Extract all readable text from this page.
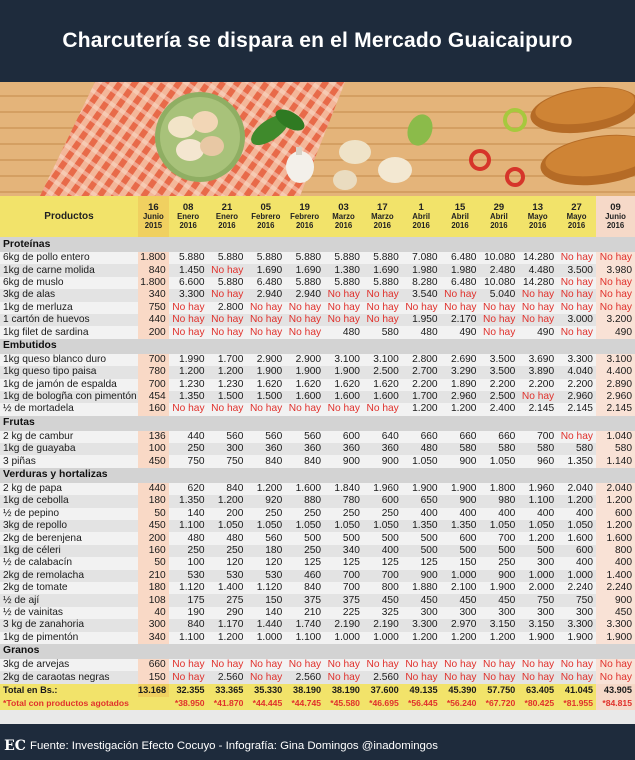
Charcutería se dispara en el Mercado Guaicaipuro
Productos	16
Junio
2015	08
Enero
2016	21
Enero
2016	05
Febrero
2016	19
Febrero
2016	03
Marzo
2016	17
Marzo
2016	1
Abril
2016	15
Abril
2016	29
Abril
2016	13
Mayo
2016	27
Mayo
2016	09
Junio
2016

Proteínas													
6kg de pollo entero	1.800	5.880	5.880	5.880	5.880	5.880	5.880	7.080	6.480	10.080	14.280	No hay	No hay
1kg de carne molida	840	1.450	No hay	1.690	1.690	1.380	1.690	1.980	1.980	2.480	4.480	3.500	3.980
6kg de muslo	1.800	6.600	5.880	6.480	5.880	5.880	5.880	8.280	6.480	10.080	14.280	No hay	No hay
3kg de alas	340	3.300	No hay	2.940	2.940	No hay	No hay	3.540	No hay	5.040	No hay	No hay	No hay
1kg de merluza	750	No hay	2.800	No hay	No hay	No hay	No hay	No hay	No hay	No hay	No hay	No hay	No hay
1 cartón de huevos	440	No hay	No hay	No hay	No hay	No hay	No hay	1.950	2.170	No hay	No hay	3.000	3.200
1kg filet de sardina	200	No hay	No hay	No hay	No hay	480	580	480	490	No hay	490	No hay	490
Embutidos													
1kg queso blanco duro	700	1.990	1.700	2.900	2.900	3.100	3.100	2.800	2.690	3.500	3.690	3.300	3.100
1kg queso tipo paisa	780	1.200	1.200	1.900	1.900	1.900	2.500	2.700	3.290	3.500	3.890	4.040	4.400
1kg de jamón de espalda	700	1.230	1.230	1.620	1.620	1.620	1.620	2.200	1.890	2.200	2.200	2.200	2.890
1kg de bologña con pimentón	454	1.350	1.500	1.500	1.600	1.600	1.600	1.700	2.960	2.500	No hay	2.960	2.960
½ de mortadela	160	No hay	No hay	No hay	No hay	No hay	No hay	1.200	1.200	2.400	2.145	2.145	2.145
Frutas													
2 kg de cambur	136	440	560	560	560	600	640	660	660	660	700	No hay	1.040
1kg de guayaba	100	250	300	360	360	360	360	480	580	580	580	580	580
3 piñas	450	750	750	840	840	900	900	1.050	900	1.050	960	1.350	1.140
Verduras y hortalizas													
2 kg de papa	440	620	840	1.200	1.600	1.840	1.960	1.900	1.900	1.800	1.960	2.040	2.040
1kg de cebolla	180	1.350	1.200	920	880	780	600	650	900	980	1.100	1.200	1.200
½ de pepino	50	140	200	250	250	250	250	400	400	400	400	400	600
3kg de repollo	450	1.100	1.050	1.050	1.050	1.050	1.050	1.350	1.350	1.050	1.050	1.050	1.200
2kg de berenjena	200	480	480	560	500	500	500	500	600	700	1.200	1.600	1.600
1kg de céleri	160	250	250	180	250	340	400	500	500	500	500	600	800
½ de calabacín	50	100	120	120	125	125	125	125	150	250	300	400	400
2kg de remolacha	210	530	530	530	460	700	700	900	1.000	900	1.000	1.000	1.400
2kg de tomate	180	1.120	1.400	1.120	840	700	800	1.880	2.100	1.900	2.000	2.240	2.240
½ de ají	108	175	275	150	375	375	450	450	450	450	750	750	900
½ de vainitas	40	190	290	140	210	225	325	300	300	300	300	300	450
3 kg de zanahoria	300	840	1.170	1.440	1.740	2.190	2.190	3.300	2.970	3.150	3.150	3.300	3.300
1kg de pimentón	340	1.100	1.200	1.000	1.100	1.000	1.000	1.200	1.200	1.200	1.900	1.900	1.900
Granos													
3kg de arvejas	660	No hay	No hay	No hay	No hay	No hay	No hay	No hay	No hay	No hay	No hay	No hay	No hay
2kg de caraotas negras	150	No hay	2.560	No hay	2.560	No hay	2.560	No hay	No hay	No hay	No hay	No hay	No hay
Total en Bs.:	13.168	32.355	33.365	35.330	38.190	38.190	37.600	49.135	45.390	57.750	63.405	41.045	43.905
*Total con productos agotados		*38.950	*41.870	*44.445	*44.745	*45.580	*46.695	*56.445	*56.240	*67.720	*80.425	*81.955	*84.815
EC Fuente: Investigación Efecto Cocuyo - Infografía: Gina Domingos @inadomingos
